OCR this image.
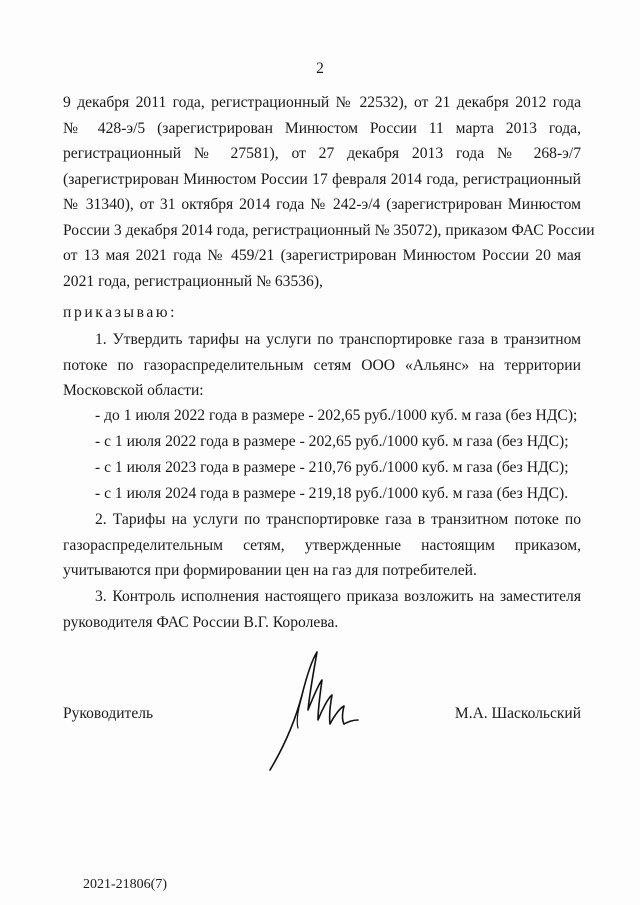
2
9 декабря 2011 года, регистрационный № 22532), от 21 декабря 2012 года
№ 428-э/5 (зарегистрирован Минюстом России 11 марта 2013 года,
регистрационный № 27581), от 27 декабря 2013 года № 268-э/7
(зарегистрирован Минюстом России 17 февраля 2014 года, регистрационный
№ 31340), от 31 октября 2014 года № 242-э/4 (зарегистрирован Минюстом
России 3 декабря 2014 года, регистрационный № 35072), приказом ФАС России
от 13 мая 2021 года № 459/21 (зарегистрирован Минюстом России 20 мая
2021 года, регистрационный № 63536),
приказываю:
1. Утвердить тарифы на услуги по транспортировке газа в транзитном
потоке по газораспределительным сетям ООО «Альянс» на территории
Московской области:
- до 1 июля 2022 года в размере - 202,65 руб./1000 куб. м газа (без НДС);
- с 1 июля 2022 года в размере - 202,65 руб./1000 куб. м газа (без НДС);
- с 1 июля 2023 года в размере - 210,76 руб./1000 куб. м газа (без НДС);
- с 1 июля 2024 года в размере - 219,18 руб./1000 куб. м газа (без НДС).
2. Тарифы на услуги по транспортировке газа в транзитном потоке по
газораспределительным сетям, утвержденные настоящим приказом,
учитываются при формировании цен на газ для потребителей.
3. Контроль исполнения настоящего приказа возложить на заместителя
руководителя ФАС России В.Г. Королева.
Руководитель	М.А. Шаскольский
2021-21806(7)
